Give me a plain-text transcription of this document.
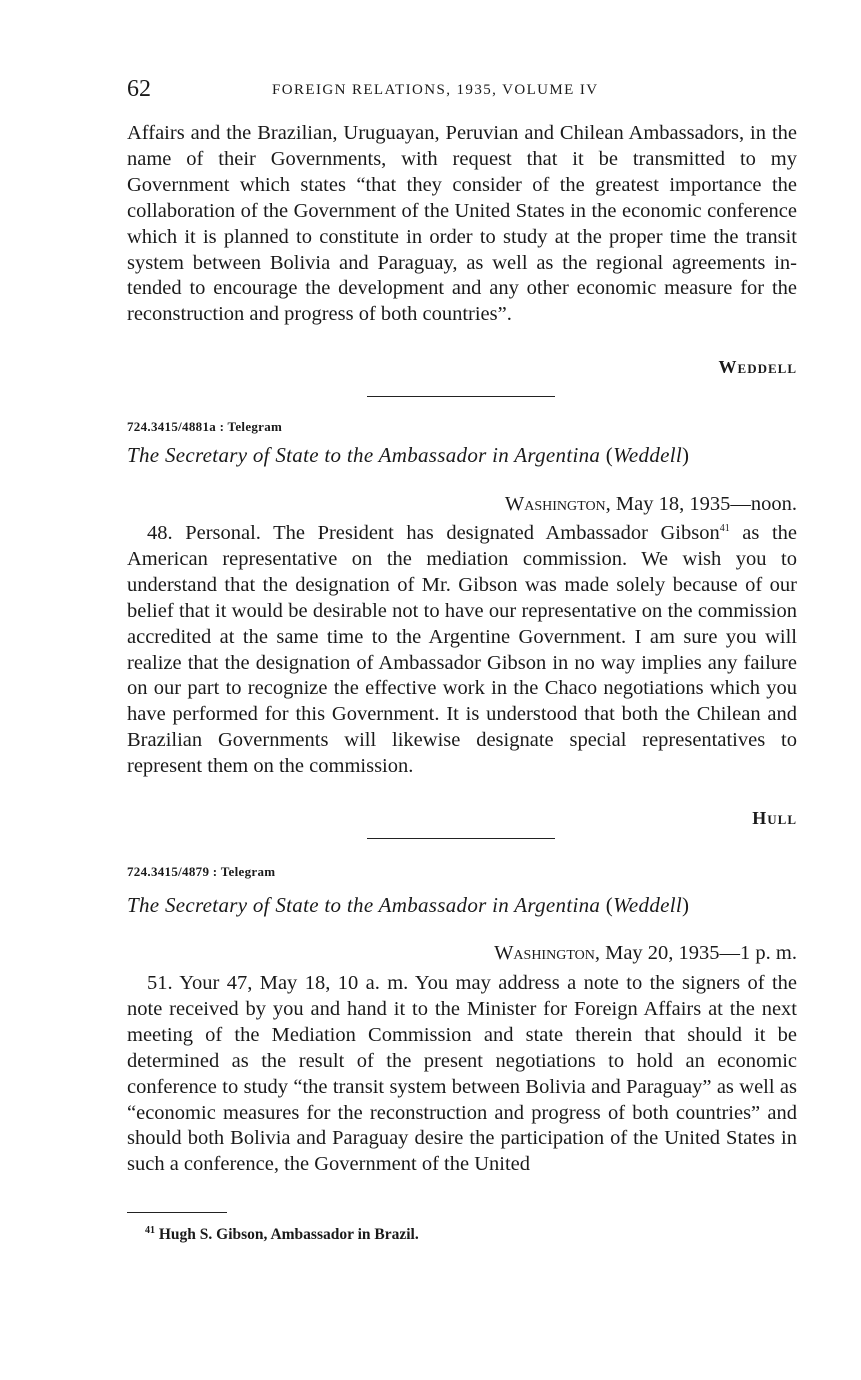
62	FOREIGN RELATIONS, 1935, VOLUME IV

Affairs and the Brazilian, Uruguayan, Peruvian and Chilean Ambassadors, in the name of their Governments, with request that it be transmitted to my Government which states “that they consider of the greatest importance the collaboration of the Government of the United States in the economic conference which it is planned to constitute in order to study at the proper time the transit system between Bolivia and Paraguay, as well as the regional agreements intended to encourage the development and any other economic measure for the reconstruction and progress of both countries”.

Weddell
724.3415/4881a : Telegram
The Secretary of State to the Ambassador in Argentina (Weddell)
Washington, May 18, 1935—noon.

48. Personal. The President has designated Ambassador Gibson$^{41}$ as the American representative on the mediation commission. We wish you to understand that the designation of Mr. Gibson was made solely because of our belief that it would be desirable not to have our representative on the commission accredited at the same time to the Argentine Government. I am sure you will realize that the designation of Ambassador Gibson in no way implies any failure on our part to recognize the effective work in the Chaco negotiations which you have performed for this Government. It is understood that both the Chilean and Brazilian Governments will likewise designate special representatives to represent them on the commission.

Hull
724.3415/4879 : Telegram
The Secretary of State to the Ambassador in Argentina (Weddell)
Washington, May 20, 1935—1 p. m.

51. Your 47, May 18, 10 a. m. You may address a note to the signers of the note received by you and hand it to the Minister for Foreign Affairs at the next meeting of the Mediation Commission and state therein that should it be determined as the result of the present negotiations to hold an economic conference to study “the transit system between Bolivia and Paraguay” as well as “economic measures for the reconstruction and progress of both countries” and should both Bolivia and Paraguay desire the participation of the United States in such a conference, the Government of the United

$^{41}$ Hugh S. Gibson, Ambassador in Brazil.
